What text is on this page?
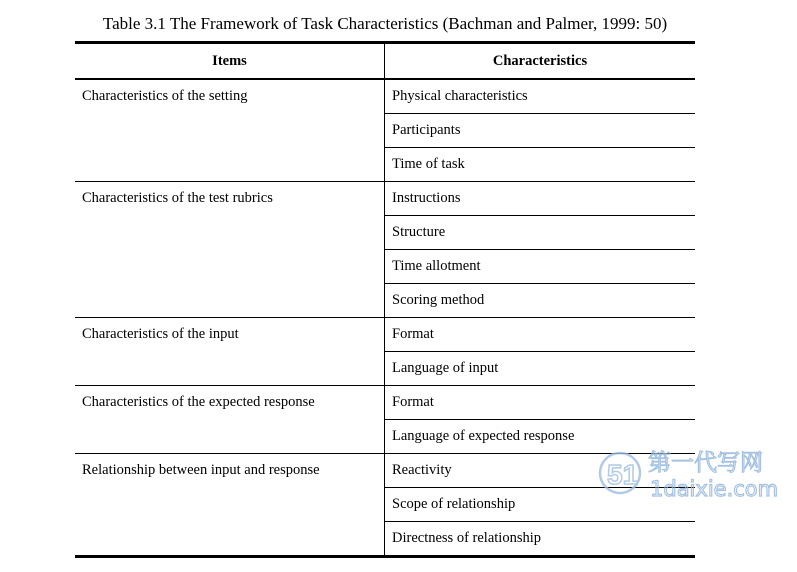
Table 3.1 The Framework of Task Characteristics (Bachman and Palmer, 1999: 50)
Items	Characteristics
Characteristics of the setting	Physical characteristics
	Participants
	Time of task
Characteristics of the test rubrics	Instructions
	Structure
	Time allotment
	Scoring method
Characteristics of the input	Format
	Language of input
Characteristics of the expected response	Format
	Language of expected response
Relationship between input and response	Reactivity
	Scope of relationship
	Directness of relationship
51 第一代写网
1daixie.com
